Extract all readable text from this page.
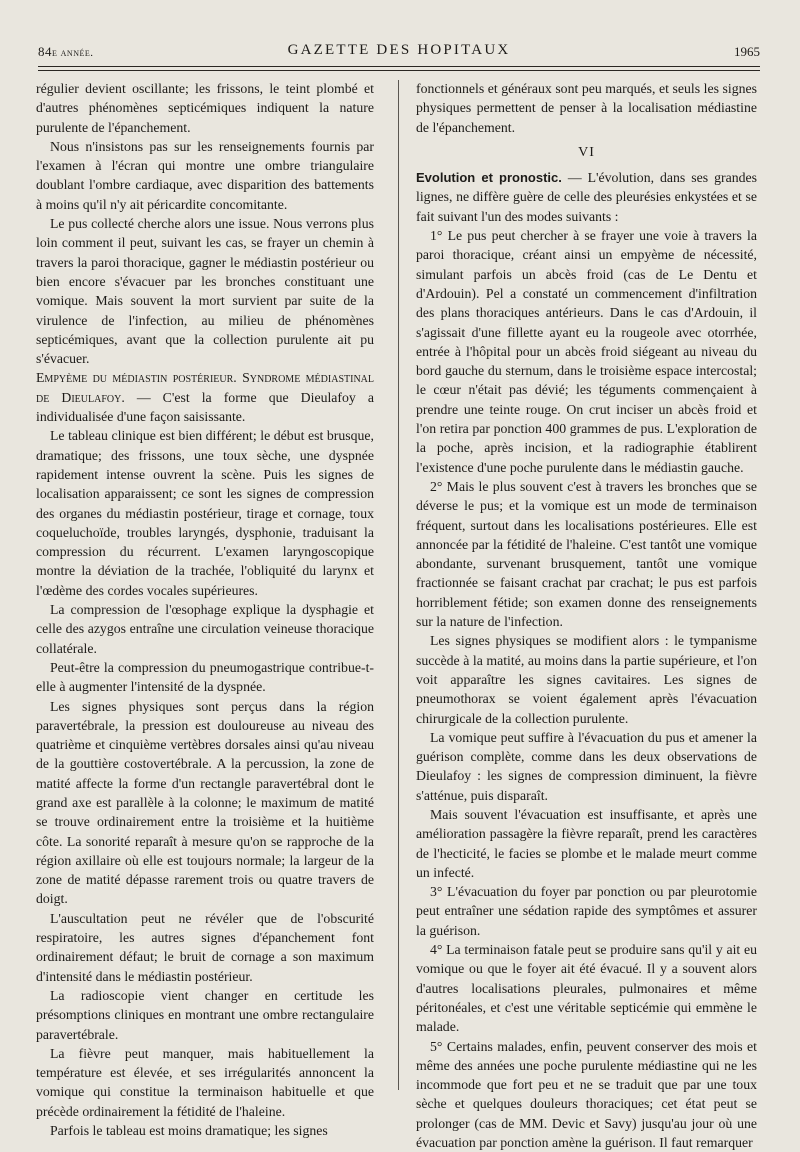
84e année.	GAZETTE DES HOPITAUX	1965

régulier devient oscillante; les frissons, le teint plombé et d'autres phénomènes septicémiques indiquent la nature purulente de l'épanchement.

Nous n'insistons pas sur les renseignements fournis par l'examen à l'écran qui montre une ombre triangulaire doublant l'ombre cardiaque, avec disparition des battements à moins qu'il n'y ait péricardite concomitante.

Le pus collecté cherche alors une issue. Nous verrons plus loin comment il peut, suivant les cas, se frayer un chemin à travers la paroi thoracique, gagner le médiastin postérieur ou bien encore s'évacuer par les bronches constituant une vomique. Mais souvent la mort survient par suite de la virulence de l'infection, au milieu de phénomènes septicémiques, avant que la collection purulente ait pu s'évacuer.

Empyème du médiastin postérieur. Syndrome médiastinal de Dieulafoy. — C'est la forme que Dieulafoy a individualisée d'une façon saisissante.

Le tableau clinique est bien différent; le début est brusque, dramatique; des frissons, une toux sèche, une dyspnée rapidement intense ouvrent la scène. Puis les signes de localisation apparaissent; ce sont les signes de compression des organes du médiastin postérieur, tirage et cornage, toux coqueluchoïde, troubles laryngés, dysphonie, traduisant la compression du récurrent. L'examen laryngoscopique montre la déviation de la trachée, l'obliquité du larynx et l'œdème des cordes vocales supérieures.

La compression de l'œsophage explique la dysphagie et celle des azygos entraîne une circulation veineuse thoracique collatérale.

Peut-être la compression du pneumogastrique contribue-t-elle à augmenter l'intensité de la dyspnée.

Les signes physiques sont perçus dans la région paravertébrale, la pression est douloureuse au niveau des quatrième et cinquième vertèbres dorsales ainsi qu'au niveau de la gouttière costovertébrale. A la percussion, la zone de matité affecte la forme d'un rectangle paravertébral dont le grand axe est parallèle à la colonne; le maximum de matité se trouve ordinairement entre la troisième et la huitième côte. La sonorité reparaît à mesure qu'on se rapproche de la région axillaire où elle est toujours normale; la largeur de la zone de matité dépasse rarement trois ou quatre travers de doigt.

L'auscultation peut ne révéler que de l'obscurité respiratoire, les autres signes d'épanchement font ordinairement défaut; le bruit de cornage a son maximum d'intensité dans le médiastin postérieur.

La radioscopie vient changer en certitude les présomptions cliniques en montrant une ombre rectangulaire paravertébrale.

La fièvre peut manquer, mais habituellement la température est élevée, et ses irrégularités annoncent la vomique qui constitue la terminaison habituelle et que précède ordinairement la fétidité de l'haleine.

Parfois le tableau est moins dramatique; les signes

fonctionnels et généraux sont peu marqués, et seuls les signes physiques permettent de penser à la localisation médiastine de l'épanchement.

VI

Evolution et pronostic. — L'évolution, dans ses grandes lignes, ne diffère guère de celle des pleurésies enkystées et se fait suivant l'un des modes suivants :

1° Le pus peut chercher à se frayer une voie à travers la paroi thoracique, créant ainsi un empyème de nécessité, simulant parfois un abcès froid (cas de Le Dentu et d'Ardouin). Pel a constaté un commencement d'infiltration des plans thoraciques antérieurs. Dans le cas d'Ardouin, il s'agissait d'une fillette ayant eu la rougeole avec otorrhée, entrée à l'hôpital pour un abcès froid siégeant au niveau du bord gauche du sternum, dans le troisième espace intercostal; le cœur n'était pas dévié; les téguments commençaient à prendre une teinte rouge. On crut inciser un abcès froid et l'on retira par ponction 400 grammes de pus. L'exploration de la poche, après incision, et la radiographie établirent l'existence d'une poche purulente dans le médiastin gauche.

2° Mais le plus souvent c'est à travers les bronches que se déverse le pus; et la vomique est un mode de terminaison fréquent, surtout dans les localisations postérieures. Elle est annoncée par la fétidité de l'haleine. C'est tantôt une vomique abondante, survenant brusquement, tantôt une vomique fractionnée se faisant crachat par crachat; le pus est parfois horriblement fétide; son examen donne des renseignements sur la nature de l'infection.

Les signes physiques se modifient alors : le tympanisme succède à la matité, au moins dans la partie supérieure, et l'on voit apparaître les signes cavitaires. Les signes de pneumothorax se voient également après l'évacuation chirurgicale de la collection purulente.

La vomique peut suffire à l'évacuation du pus et amener la guérison complète, comme dans les deux observations de Dieulafoy : les signes de compression diminuent, la fièvre s'atténue, puis disparaît.

Mais souvent l'évacuation est insuffisante, et après une amélioration passagère la fièvre reparaît, prend les caractères de l'hecticité, le facies se plombe et le malade meurt comme un infecté.

3° L'évacuation du foyer par ponction ou par pleurotomie peut entraîner une sédation rapide des symptômes et assurer la guérison.

4° La terminaison fatale peut se produire sans qu'il y ait eu vomique ou que le foyer ait été évacué. Il y a souvent alors d'autres localisations pleurales, pulmonaires et même péritonéales, et c'est une véritable septicémie qui emmène le malade.

5° Certains malades, enfin, peuvent conserver des mois et même des années une poche purulente médiastine qui ne les incommode que fort peu et ne se traduit que par une toux sèche et quelques douleurs thoraciques; cet état peut se prolonger (cas de MM. Devic et Savy) jusqu'au jour où une évacuation par ponction amène la guérison. Il faut remarquer
